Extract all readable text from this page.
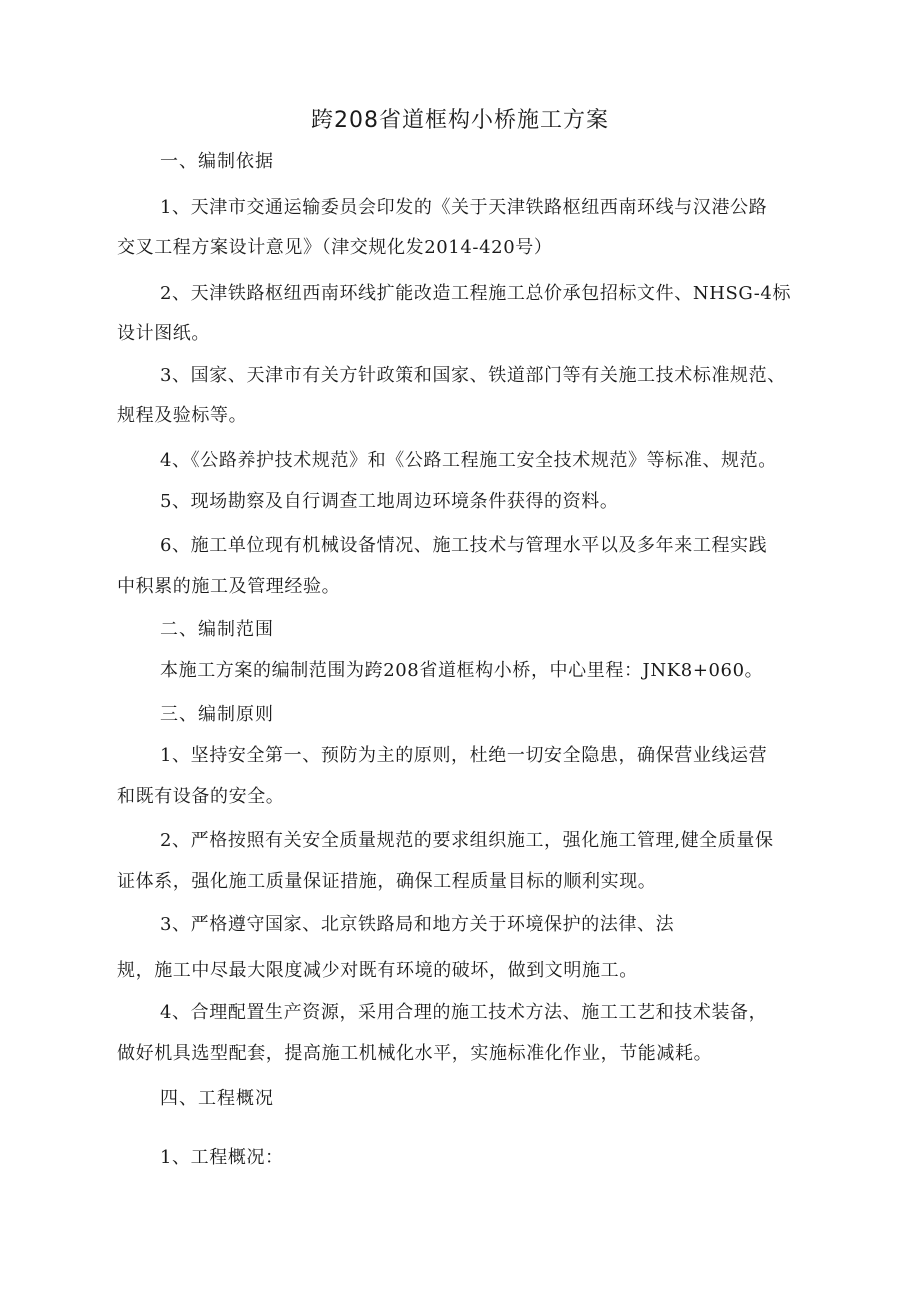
跨208省道框构小桥施工方案
一、编制依据
1、天津市交通运输委员会印发的《关于天津铁路枢纽西南环线与汉港公路
交叉工程方案设计意见》（津交规化发2014-420号）
2、天津铁路枢纽西南环线扩能改造工程施工总价承包招标文件、NHSG-4标
设计图纸。
3、国家、天津市有关方针政策和国家、铁道部门等有关施工技术标准规范、
规程及验标等。
4、《公路养护技术规范》和《公路工程施工安全技术规范》等标准、规范。
5、现场勘察及自行调查工地周边环境条件获得的资料。
6、施工单位现有机械设备情况、施工技术与管理水平以及多年来工程实践
中积累的施工及管理经验。
二、编制范围
本施工方案的编制范围为跨208省道框构小桥，中心里程：JNK8+060。
三、编制原则
1、坚持安全第一、预防为主的原则，杜绝一切安全隐患，确保营业线运营
和既有设备的安全。
2、严格按照有关安全质量规范的要求组织施工，强化施工管理,健全质量保
证体系，强化施工质量保证措施，确保工程质量目标的顺利实现。
3、严格遵守国家、北京铁路局和地方关于环境保护的法律、法
规，施工中尽最大限度减少对既有环境的破坏，做到文明施工。
4、合理配置生产资源，采用合理的施工技术方法、施工工艺和技术装备，
做好机具选型配套，提高施工机械化水平，实施标准化作业，节能减耗。
四、工程概况
1、工程概况：
